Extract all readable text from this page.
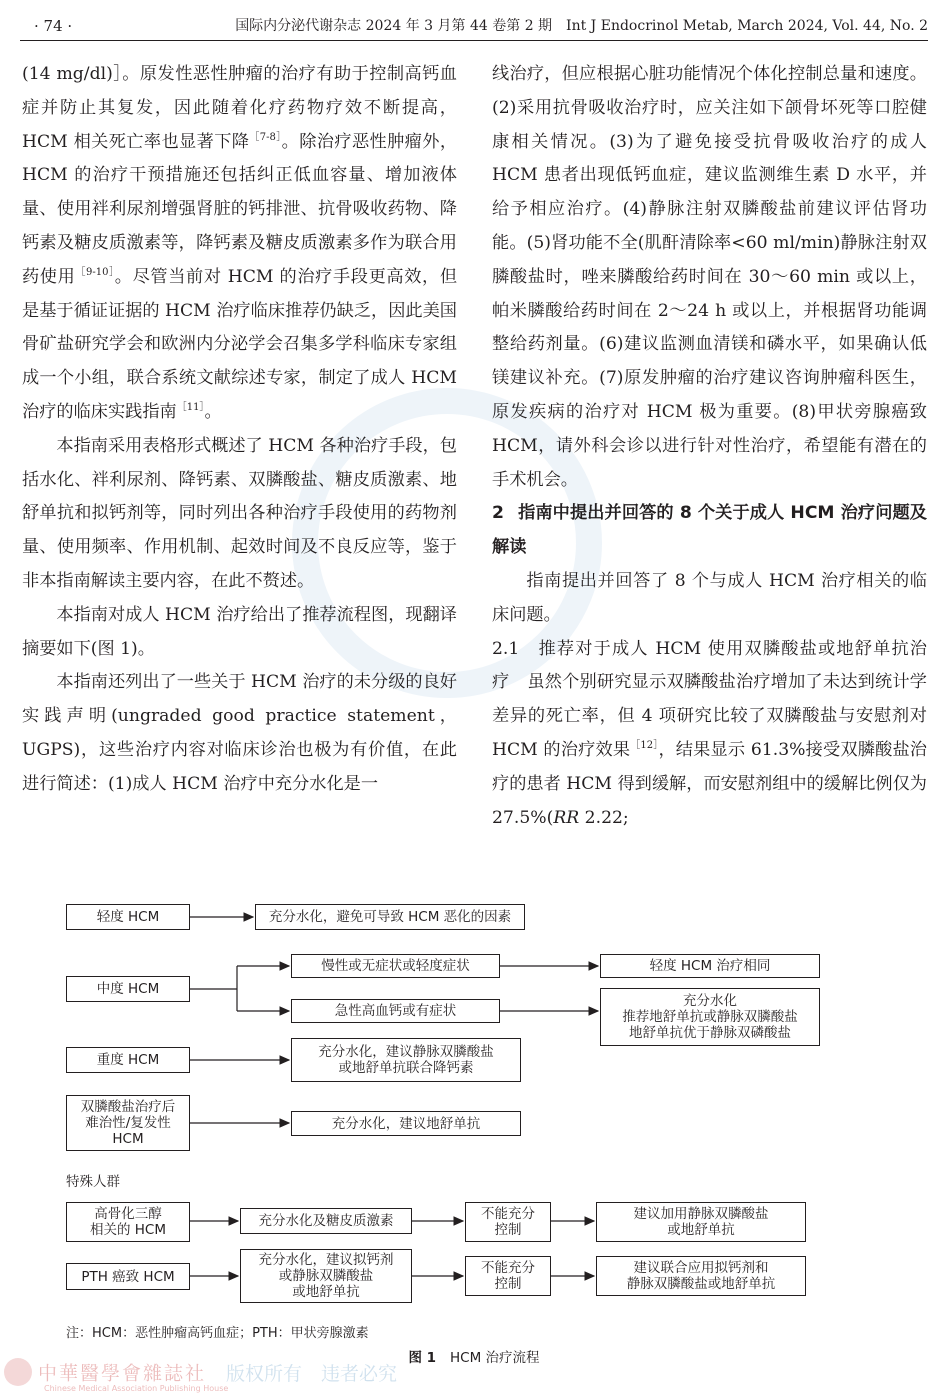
· 74 ·	国际内分泌代谢杂志 2024 年 3 月第 44 卷第 2 期　Int J Endocrinol Metab, March 2024, Vol. 44, No. 2

(14 mg/dl)］。原发性恶性肿瘤的治疗有助于控制高钙血症并防止其复发，因此随着化疗药物疗效不断提高，HCM 相关死亡率也显著下降$^{[7-8]}$。除治疗恶性肿瘤外，HCM 的治疗干预措施还包括纠正低血容量、增加液体量、使用袢利尿剂增强肾脏的钙排泄、抗骨吸收药物、降钙素及糖皮质激素等，降钙素及糖皮质激素多作为联合用药使用$^{[9-10]}$。尽管当前对 HCM 的治疗手段更高效，但是基于循证证据的 HCM 治疗临床推荐仍缺乏，因此美国骨矿盐研究学会和欧洲内分泌学会召集多学科临床专家组成一个小组，联合系统文献综述专家，制定了成人 HCM 治疗的临床实践指南$^{[11]}$。

本指南采用表格形式概述了 HCM 各种治疗手段，包括水化、袢利尿剂、降钙素、双膦酸盐、糖皮质激素、地舒单抗和拟钙剂等，同时列出各种治疗手段使用的药物剂量、使用频率、作用机制、起效时间及不良反应等，鉴于非本指南解读主要内容，在此不赘述。

本指南对成人 HCM 治疗给出了推荐流程图，现翻译摘要如下(图 1)。

本指南还列出了一些关于 HCM 治疗的未分级的良好实践声明(ungraded good practice statement，UGPS)，这些治疗内容对临床诊治也极为有价值，在此进行简述：(1)成人 HCM 治疗中充分水化是一

线治疗，但应根据心脏功能情况个体化控制总量和速度。(2)采用抗骨吸收治疗时，应关注如下颌骨坏死等口腔健康相关情况。(3)为了避免接受抗骨吸收治疗的成人 HCM 患者出现低钙血症，建议监测维生素 D 水平，并给予相应治疗。(4)静脉注射双膦酸盐前建议评估肾功能。(5)肾功能不全(肌酐清除率<60 ml/min)静脉注射双膦酸盐时，唑来膦酸给药时间在 30～60 min 或以上，帕米膦酸给药时间在 2～24 h 或以上，并根据肾功能调整给药剂量。(6)建议监测血清镁和磷水平，如果确认低镁建议补充。(7)原发肿瘤的治疗建议咨询肿瘤科医生，原发疾病的治疗对 HCM 极为重要。(8)甲状旁腺癌致 HCM，请外科会诊以进行针对性治疗，希望能有潜在的手术机会。

2 指南中提出并回答的 8 个关于成人 HCM 治疗问题及解读

指南提出并回答了 8 个与成人 HCM 治疗相关的临床问题。

2.1 推荐对于成人 HCM 使用双膦酸盐或地舒单抗治疗 虽然个别研究显示双膦酸盐治疗增加了未达到统计学差异的死亡率，但 4 项研究比较了双膦酸盐与安慰剂对 HCM 的治疗效果$^{[12]}$，结果显示 61.3%接受双膦酸盐治疗的患者 HCM 得到缓解，而安慰剂组中的缓解比例仅为 27.5%(RR 2.22;

轻度 HCM	充分水化，避免可导致 HCM 恶化的因素
中度 HCM
慢性或无症状或轻度症状	轻度 HCM 治疗相同
急性高血钙或有症状
充分水化
推荐地舒单抗或静脉双膦酸盐
地舒单抗优于静脉双磷酸盐
重度 HCM	充分水化，建议静脉双膦酸盐
或地舒单抗联合降钙素
双膦酸盐治疗后
难治性/复发性
HCM
充分水化，建议地舒单抗
特殊人群
高骨化三醇
相关的 HCM
充分水化及糖皮质激素	不能充分
控制
建议加用静脉双膦酸盐
或地舒单抗
PTH 癌致 HCM
充分水化，建议拟钙剂
或静脉双膦酸盐
或地舒单抗
不能充分
控制
建议联合应用拟钙剂和
静脉双膦酸盐或地舒单抗
注：HCM：恶性肿瘤高钙血症；PTH：甲状旁腺激素
图 1 HCM 治疗流程
中華醫學會雜誌社 版权所有　违者必究
Chinese Medical Association Publishing House
